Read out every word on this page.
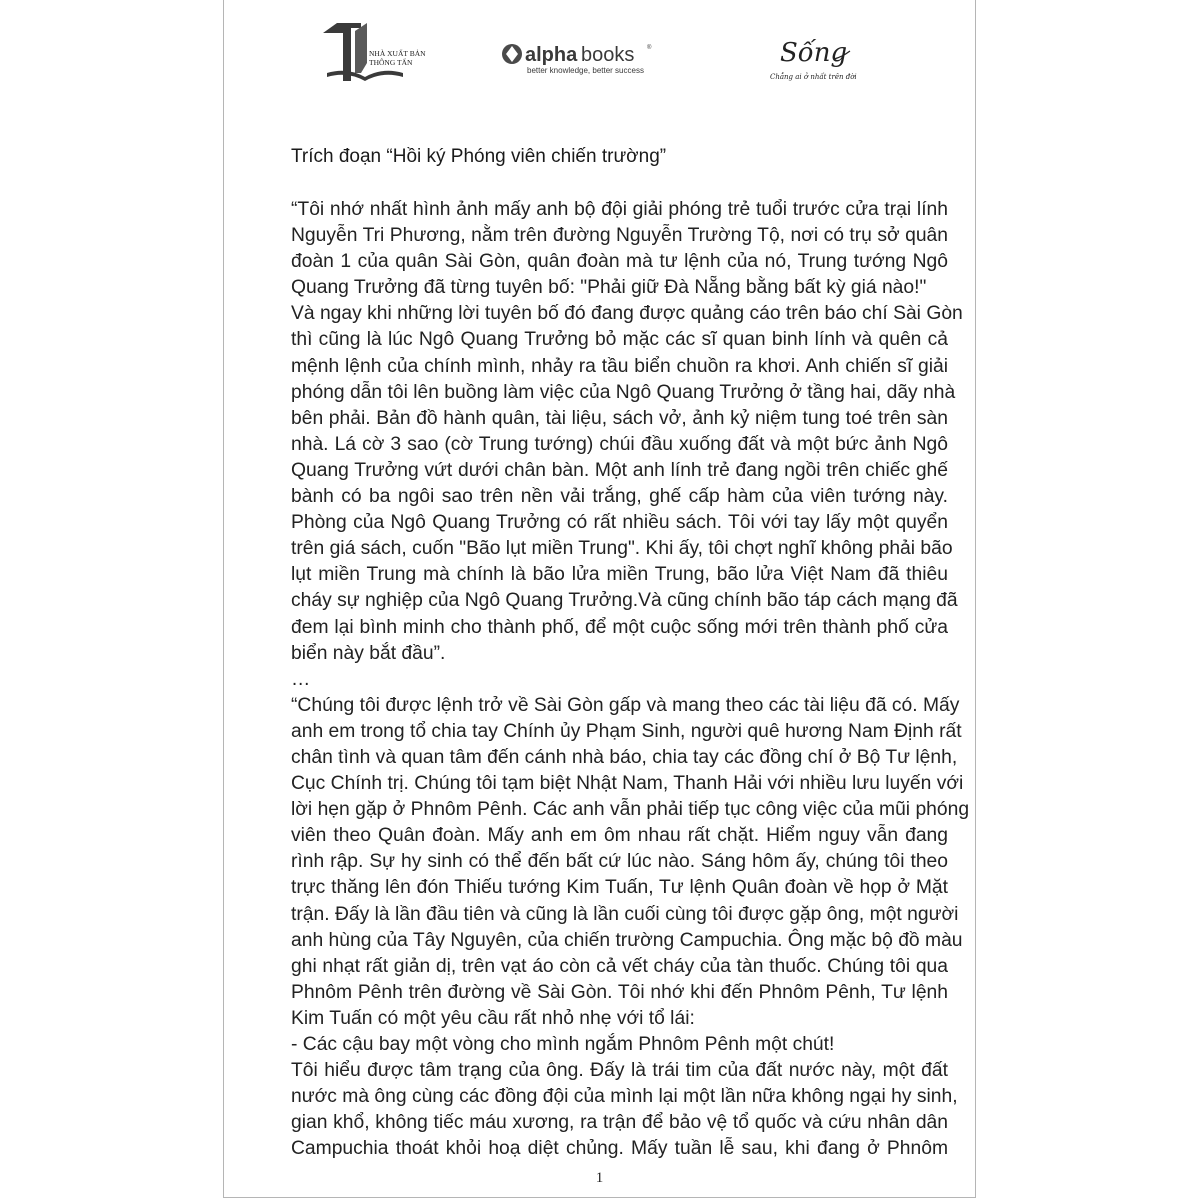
NHÀ XUẤT BẢN
THÔNG TẤN	alpha books ®
better knowledge, better success
Sống
Chẳng ai ở nhất trên đời
Trích đoạn “Hồi ký Phóng viên chiến trường”
“Tôi nhớ nhất hình ảnh mấy anh bộ đội giải phóng trẻ tuổi trước cửa trại lính
Nguyễn Tri Phương, nằm trên đường Nguyễn Trường Tộ, nơi có trụ sở quân
đoàn 1 của quân Sài Gòn, quân đoàn mà tư lệnh của nó, Trung tướng Ngô
Quang Trưởng đã từng tuyên bố: "Phải giữ Đà Nẵng bằng bất kỳ giá nào!"
Và ngay khi những lời tuyên bố đó đang được quảng cáo trên báo chí Sài Gòn
thì cũng là lúc Ngô Quang Trưởng bỏ mặc các sĩ quan binh lính và quên cả
mệnh lệnh của chính mình, nhảy ra tầu biển chuồn ra khơi. Anh chiến sĩ giải
phóng dẫn tôi lên buồng làm việc của Ngô Quang Trưởng ở tầng hai, dãy nhà
bên phải. Bản đồ hành quân, tài liệu, sách vở, ảnh kỷ niệm tung toé trên sàn
nhà. Lá cờ 3 sao (cờ Trung tướng) chúi đầu xuống đất và một bức ảnh Ngô
Quang Trưởng vứt dưới chân bàn. Một anh lính trẻ đang ngồi trên chiếc ghế
bành có ba ngôi sao trên nền vải trắng, ghế cấp hàm của viên tướng này.
Phòng của Ngô Quang Trưởng có rất nhiều sách. Tôi với tay lấy một quyển
trên giá sách, cuốn "Bão lụt miền Trung". Khi ấy, tôi chợt nghĩ không phải bão
lụt miền Trung mà chính là bão lửa miền Trung, bão lửa Việt Nam đã thiêu
cháy sự nghiệp của Ngô Quang Trưởng.Và cũng chính bão táp cách mạng đã
đem lại bình minh cho thành phố, để một cuộc sống mới trên thành phố cửa
biển này bắt đầu”.
…
“Chúng tôi được lệnh trở về Sài Gòn gấp và mang theo các tài liệu đã có. Mấy
anh em trong tổ chia tay Chính ủy Phạm Sinh, người quê hương Nam Định rất
chân tình và quan tâm đến cánh nhà báo, chia tay các đồng chí ở Bộ Tư lệnh,
Cục Chính trị. Chúng tôi tạm biệt Nhật Nam, Thanh Hải với nhiều lưu luyến với
lời hẹn gặp ở Phnôm Pênh. Các anh vẫn phải tiếp tục công việc của mũi phóng
viên theo Quân đoàn. Mấy anh em ôm nhau rất chặt. Hiểm nguy vẫn đang
rình rập. Sự hy sinh có thể đến bất cứ lúc nào. Sáng hôm ấy, chúng tôi theo
trực thăng lên đón Thiếu tướng Kim Tuấn, Tư lệnh Quân đoàn về họp ở Mặt
trận. Đấy là lần đầu tiên và cũng là lần cuối cùng tôi được gặp ông, một người
anh hùng của Tây Nguyên, của chiến trường Campuchia. Ông mặc bộ đồ màu
ghi nhạt rất giản dị, trên vạt áo còn cả vết cháy của tàn thuốc. Chúng tôi qua
Phnôm Pênh trên đường về Sài Gòn. Tôi nhớ khi đến Phnôm Pênh, Tư lệnh
Kim Tuấn có một yêu cầu rất nhỏ nhẹ với tổ lái:
- Các cậu bay một vòng cho mình ngắm Phnôm Pênh một chút!
Tôi hiểu được tâm trạng của ông. Đấy là trái tim của đất nước này, một đất
nước mà ông cùng các đồng đội của mình lại một lần nữa không ngại hy sinh,
gian khổ, không tiếc máu xương, ra trận để bảo vệ tổ quốc và cứu nhân dân
Campuchia thoát khỏi hoạ diệt chủng. Mấy tuần lễ sau, khi đang ở Phnôm
1
